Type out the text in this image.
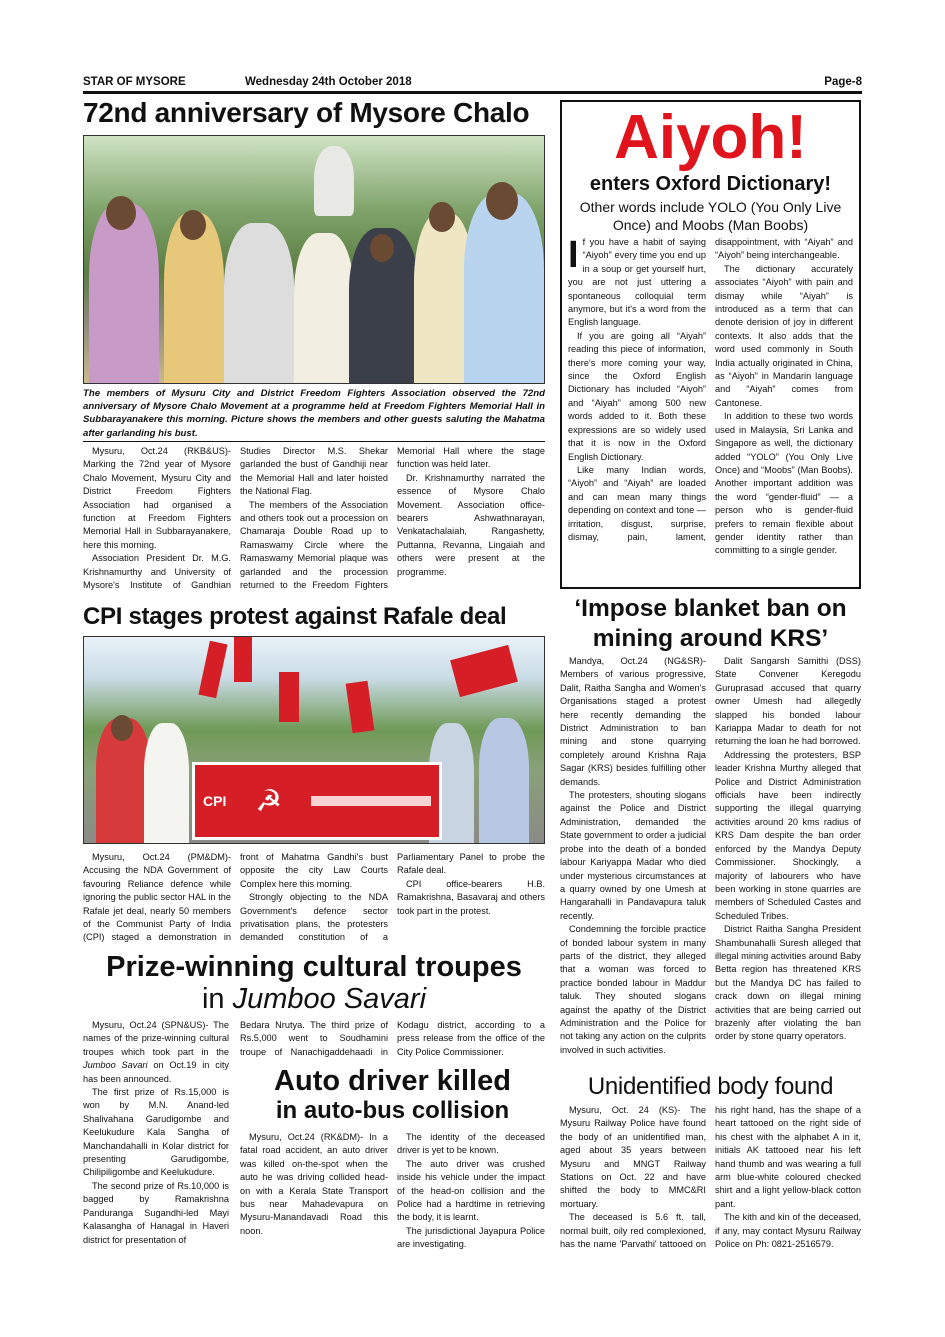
STAR OF MYSORE	Wednesday 24th October 2018	Page-8
72nd anniversary of Mysore Chalo
The members of Mysuru City and District Freedom Fighters Association observed the 72nd anniversary of Mysore Chalo Movement at a programme held at Freedom Fighters Memorial Hall in Subbarayanakere this morning. Picture shows the members and other guests saluting the Mahatma after garlanding his bust.

Mysuru, Oct.24 (RKB&US)- Marking the 72nd year of Mysore Chalo Movement, Mysuru City and District Freedom Fighters Association had organised a function at Freedom Fighters Memorial Hall in Subbarayanakere, here this morning.

Association President Dr. M.G. Krishnamurthy and University of Mysore's Institute of Gandhian Studies Director M.S. Shekar garlanded the bust of Gandhiji near the Memorial Hall and later hoisted the National Flag.

The members of the Association and others took out a procession on Chamaraja Double Road up to Ramaswamy Circle where the Ramaswamy Memorial plaque was garlanded and the procession returned to the Freedom Fighters Memorial Hall where the stage function was held later.

Dr. Krishnamurthy narrated the essence of Mysore Chalo Movement. Association office-bearers Ashwathnarayan, Venkatachalaiah, Rangashetty, Puttanna, Revanna, Lingaiah and others were present at the programme.

CPI stages protest against Rafale deal
CPI ☭

Mysuru, Oct.24 (PM&DM)- Accusing the NDA Government of favouring Reliance defence while ignoring the public sector HAL in the Rafale jet deal, nearly 50 members of the Communist Party of India (CPI) staged a demonstration in front of Mahatma Gandhi's bust opposite the city Law Courts Complex here this morning.

Strongly objecting to the NDA Government's defence sector privatisation plans, the protesters demanded constitution of a Parliamentary Panel to probe the Rafale deal.

CPI office-bearers H.B. Ramakrishna, Basavaraj and others took part in the protest.

Prize-winning cultural troupes
in Jumboo Savari

Mysuru, Oct.24 (SPN&US)- The names of the prize-winning cultural troupes which took part in the Jumboo Savari on Oct.19 in city has been announced.

The first prize of Rs.15,000 is won by M.N. Anand-led Shalivahana Garudigombe and Keelukudure Kala Sangha of Manchandahalli in Kolar district for presenting Garudigombe, Chilipiligombe and Keelukudure.

The second prize of Rs.10,000 is bagged by Ramakrishna Panduranga Sugandhi-led Mayi Kalasangha of Hanagal in Haveri district for presentation of

Bedara Nrutya. The third prize of Rs.5,000 went to Soudhamini troupe of Nanachigaddehaadi in Kodagu district, according to a press release from the office of the City Police Commissioner.

Auto driver killed
in auto-bus collision

Mysuru, Oct.24 (RK&DM)- In a fatal road accident, an auto driver was killed on-the-spot when the auto he was driving collided head-on with a Kerala State Transport bus near Mahadevapura on Mysuru-Manandavadi Road this noon.

The identity of the deceased driver is yet to be known.

The auto driver was crushed inside his vehicle under the impact of the head-on collision and the Police had a hardtime in retrieving the body, it is learnt.

The jurisdictional Jayapura Police are investigating.

Aiyoh!
enters Oxford Dictionary!
Other words include YOLO (You Only Live Once) and Moobs (Man Boobs)

If you have a habit of saying “Aiyoh” every time you end up in a soup or get yourself hurt, you are not just uttering a spontaneous colloquial term anymore, but it's a word from the English language.

If you are going all “Aiyah” reading this piece of information, there's more coming your way, since the Oxford English Dictionary has included “Aiyoh” and “Aiyah” among 500 new words added to it. Both these expressions are so widely used that it is now in the Oxford English Dictionary.

Like many Indian words, “Aiyoh” and “Aiyah” are loaded and can mean many things depending on context and tone — irritation, disgust, surprise, dismay, pain, lament, disappointment, with “Aiyah” and “Aiyoh” being interchangeable.

The dictionary accurately associates “Aiyoh” with pain and dismay while “Aiyah” is introduced as a term that can denote derision of joy in different contexts. It also adds that the word used commonly in South India actually originated in China, as “Aiyoh” in Mandarin language and “Aiyah” comes from Cantonese.

In addition to these two words used in Malaysia, Sri Lanka and Singapore as well, the dictionary added “YOLO” (You Only Live Once) and “Moobs” (Man Boobs). Another important addition was the word “gender-fluid” — a person who is gender-fluid prefers to remain flexible about gender identity rather than committing to a single gender.

‘Impose blanket ban on
mining around KRS’

Mandya, Oct.24 (NG&SR)- Members of various progressive, Dalit, Raitha Sangha and Women's Organisations staged a protest here recently demanding the District Administration to ban mining and stone quarrying completely around Krishna Raja Sagar (KRS) besides fulfilling other demands.

The protesters, shouting slogans against the Police and District Administration, demanded the State government to order a judicial probe into the death of a bonded labour Kariyappa Madar who died under mysterious circumstances at a quarry owned by one Umesh at Hangarahalli in Pandavapura taluk recently.

Condemning the forcible practice of bonded labour system in many parts of the district, they alleged that a woman was forced to practice bonded labour in Maddur taluk. They shouted slogans against the apathy of the District Administration and the Police for not taking any action on the culprits involved in such activities.

Dalit Sangarsh Samithi (DSS) State Convener Keregodu Guruprasad accused that quarry owner Umesh had allegedly slapped his bonded labour Kariappa Madar to death for not returning the loan he had borrowed.

Addressing the protesters, BSP leader Krishna Murthy alleged that Police and District Administration officials have been indirectly supporting the illegal quarrying activities around 20 kms radius of KRS Dam despite the ban order enforced by the Mandya Deputy Commissioner. Shockingly, a majority of labourers who have been working in stone quarries are members of Scheduled Castes and Scheduled Tribes.

District Raitha Sangha President Shambunahalli Suresh alleged that illegal mining activities around Baby Betta region has threatened KRS but the Mandya DC has failed to crack down on illegal mining activities that are being carried out brazenly after violating the ban order by stone quarry operators.

Unidentified body found

Mysuru, Oct. 24 (KS)- The Mysuru Railway Police have found the body of an unidentified man, aged about 35 years between Mysuru and MNGT Railway Stations on Oct. 22 and have shifted the body to MMC&RI mortuary.

The deceased is 5.6 ft. tall, normal built, oily red complexioned, has the name 'Parvathi' tattooed on his right hand, has the shape of a heart tattooed on the right side of his chest with the alphabet A in it, initials AK tattooed near his left hand thumb and was wearing a full arm blue-white coloured checked shirt and a light yellow-black cotton pant.

The kith and kin of the deceased, if any, may contact Mysuru Railway Police on Ph: 0821-2516579.
